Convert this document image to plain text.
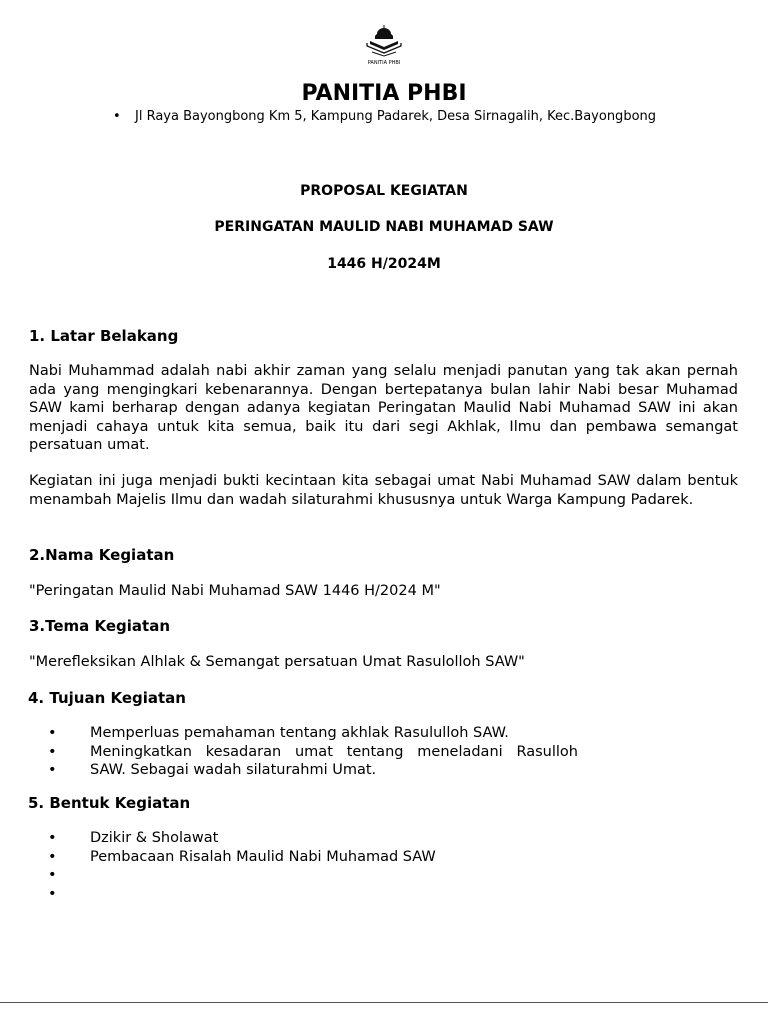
PANITIA PHBI
PANITIA PHBI
• Jl Raya Bayongbong Km 5, Kampung Padarek, Desa Sirnagalih, Kec.Bayongbong
PROPOSAL KEGIATAN
PERINGATAN MAULID NABI MUHAMAD SAW
1446 H/2024M
1. Latar Belakang
Nabi Muhammad adalah nabi akhir zaman yang selalu menjadi panutan yang tak akan pernah ada yang mengingkari kebenarannya. Dengan bertepatanya bulan lahir Nabi besar Muhamad SAW kami berharap dengan adanya kegiatan Peringatan Maulid Nabi Muhamad SAW ini akan menjadi cahaya untuk kita semua, baik itu dari segi Akhlak, Ilmu dan pembawa semangat persatuan umat.
Kegiatan ini juga menjadi bukti kecintaan kita sebagai umat Nabi Muhamad SAW dalam bentuk menambah Majelis Ilmu dan wadah silaturahmi khususnya untuk Warga Kampung Padarek.
2.Nama Kegiatan
"Peringatan Maulid Nabi Muhamad SAW 1446 H/2024 M"
3.Tema Kegiatan
"Merefleksikan Alhlak & Semangat persatuan Umat Rasulolloh SAW"
4. Tujuan Kegiatan
• Memperluas pemahaman tentang akhlak Rasululloh SAW.
• Meningkatkan kesadaran umat tentang meneladani Rasulloh
• SAW. Sebagai wadah silaturahmi Umat.
5. Bentuk Kegiatan
• Dzikir & Sholawat
• Pembacaan Risalah Maulid Nabi Muhamad SAW
•
•
